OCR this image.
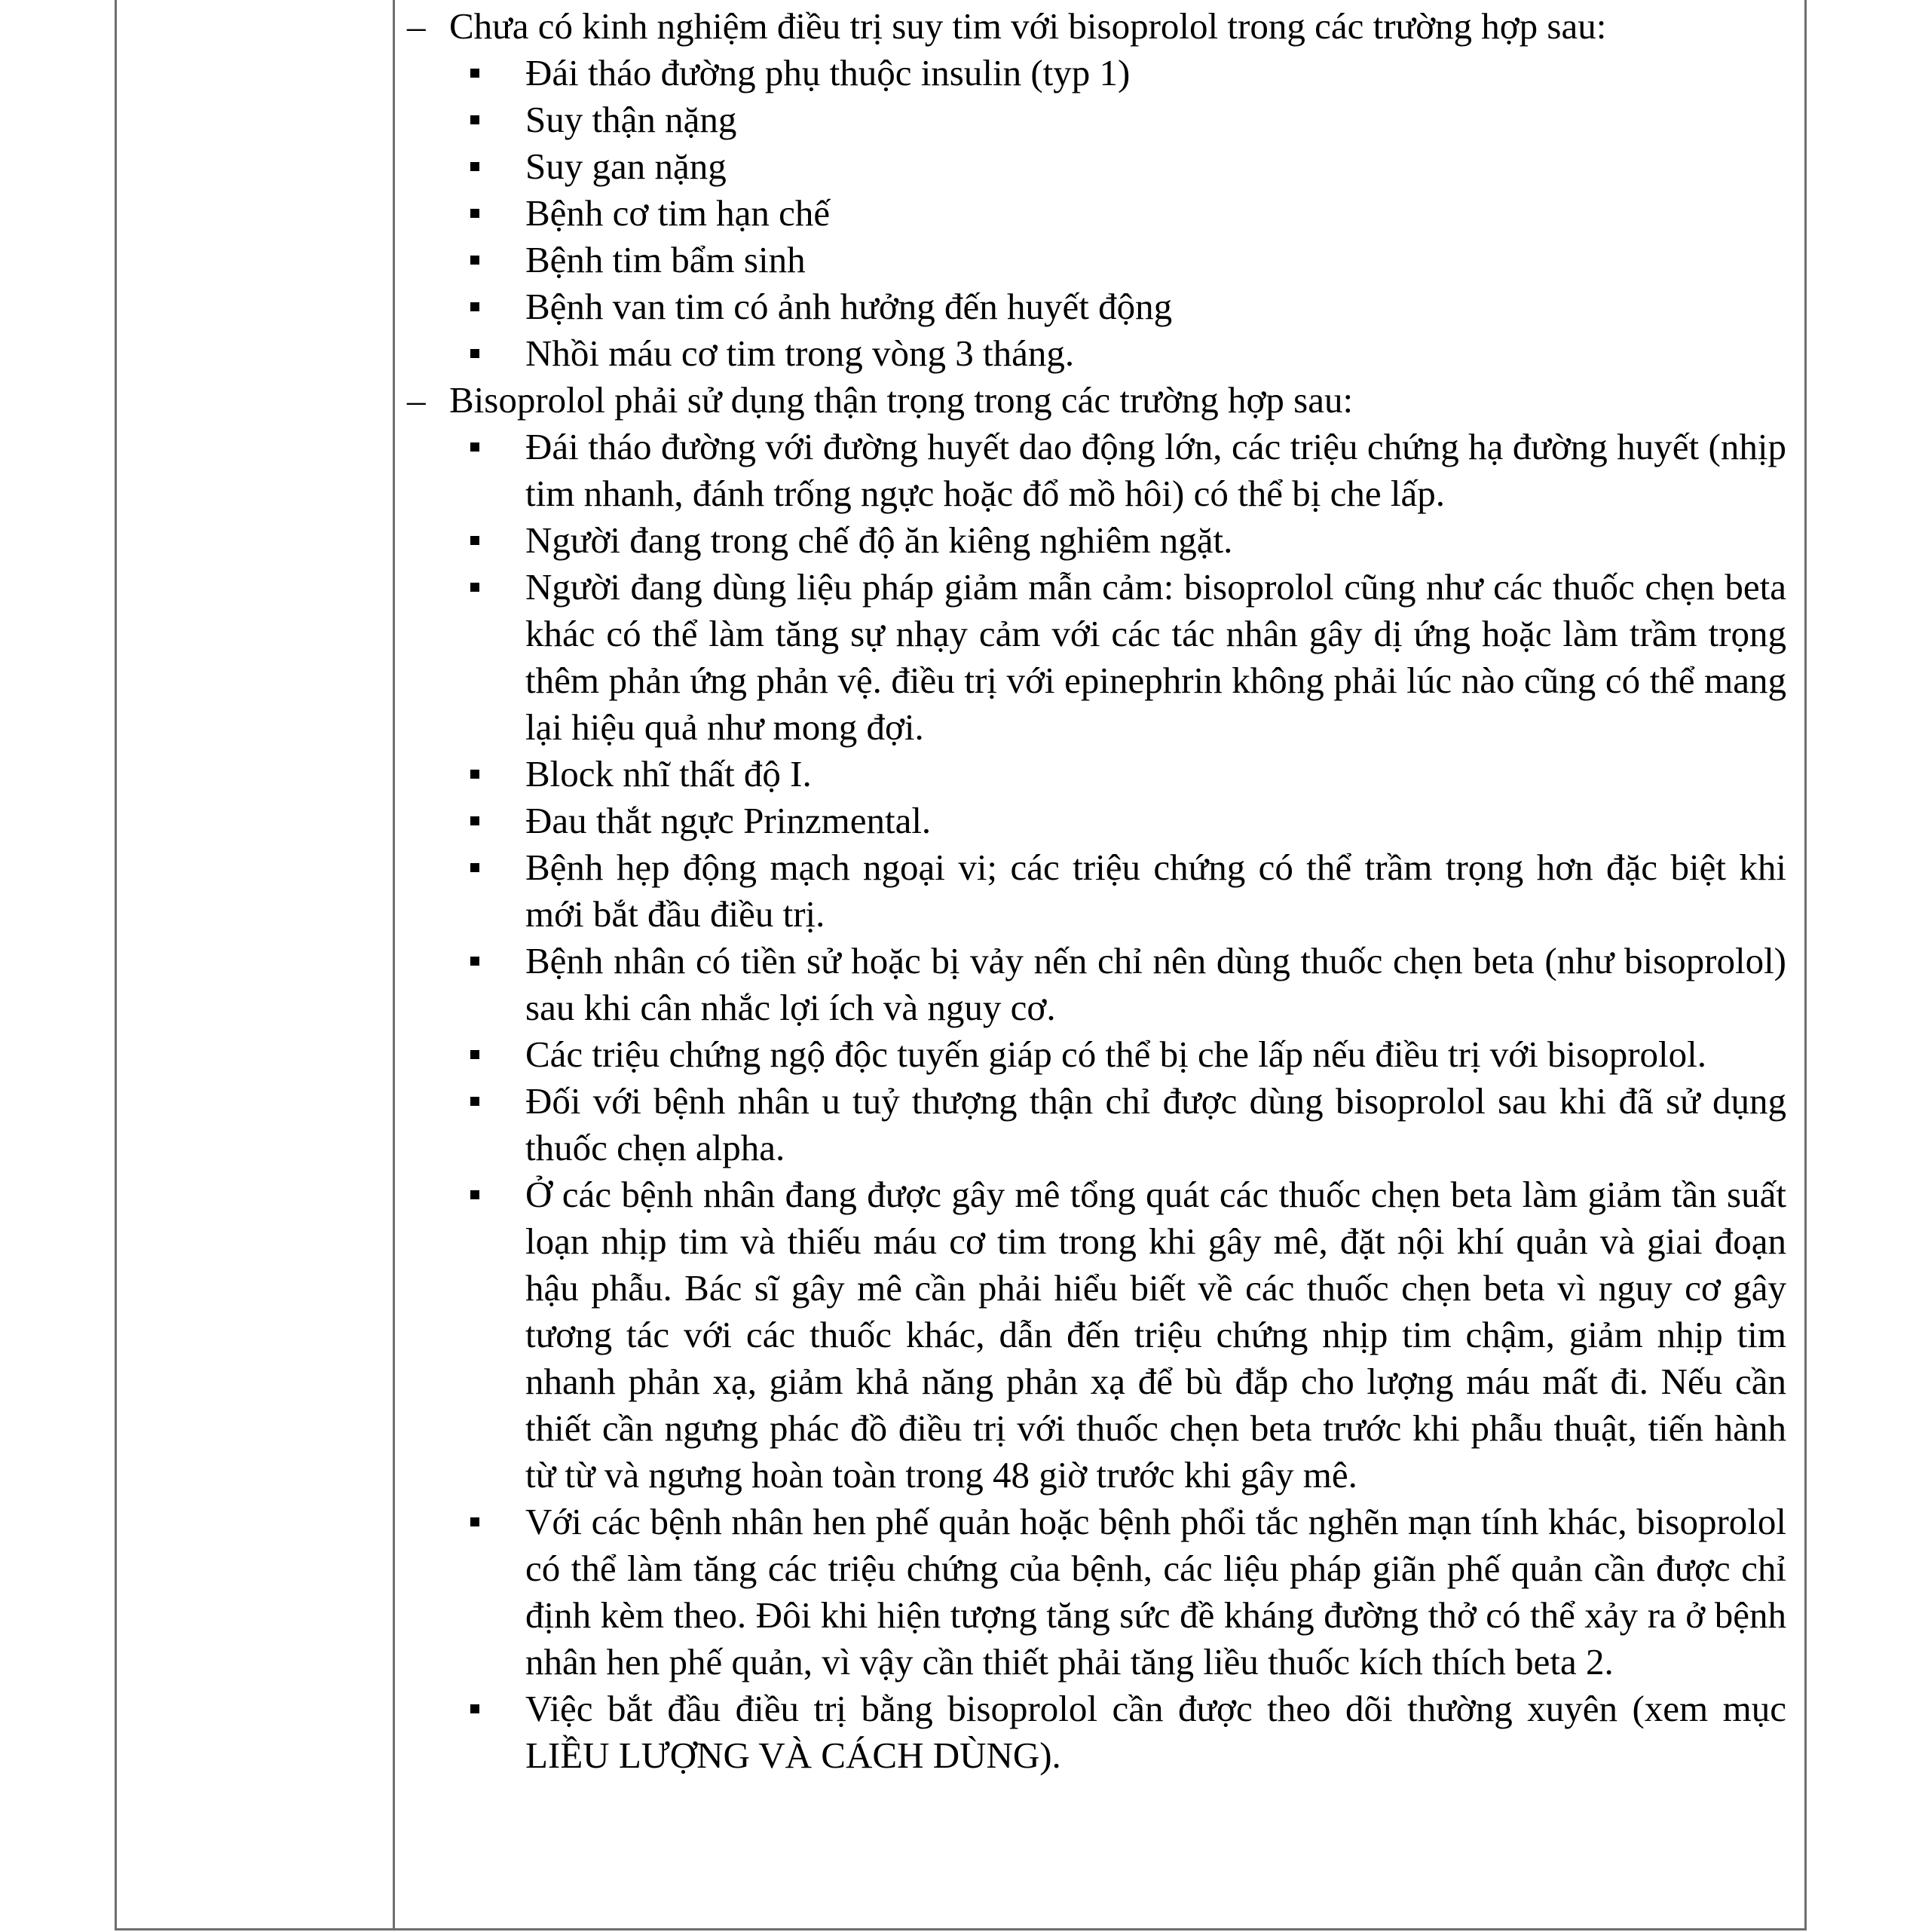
– Chưa có kinh nghiệm điều trị suy tim với bisoprolol trong các trường hợp sau:
Đái tháo đường phụ thuộc insulin (typ 1)
Suy thận nặng
Suy gan nặng
Bệnh cơ tim hạn chế
Bệnh tim bẩm sinh
Bệnh van tim có ảnh hưởng đến huyết động
Nhồi máu cơ tim trong vòng 3 tháng.
– Bisoprolol phải sử dụng thận trọng trong các trường hợp sau:
Đái tháo đường với đường huyết dao động lớn, các triệu chứng hạ đường huyết (nhịp tim nhanh, đánh trống ngực hoặc đổ mồ hôi) có thể bị che lấp.
Người đang trong chế độ ăn kiêng nghiêm ngặt.
Người đang dùng liệu pháp giảm mẫn cảm: bisoprolol cũng như các thuốc chẹn beta khác có thể làm tăng sự nhạy cảm với các tác nhân gây dị ứng hoặc làm trầm trọng thêm phản ứng phản vệ. điều trị với epinephrin không phải lúc nào cũng có thể mang lại hiệu quả như mong đợi.
Block nhĩ thất độ I.
Đau thắt ngực Prinzmental.
Bệnh hẹp động mạch ngoại vi; các triệu chứng có thể trầm trọng hơn đặc biệt khi mới bắt đầu điều trị.
Bệnh nhân có tiền sử hoặc bị vảy nến chỉ nên dùng thuốc chẹn beta (như bisoprolol) sau khi cân nhắc lợi ích và nguy cơ.
Các triệu chứng ngộ độc tuyến giáp có thể bị che lấp nếu điều trị với bisoprolol.
Đối với bệnh nhân u tuỷ thượng thận chỉ được dùng bisoprolol sau khi đã sử dụng thuốc chẹn alpha.
Ở các bệnh nhân đang được gây mê tổng quát các thuốc chẹn beta làm giảm tần suất loạn nhịp tim và thiếu máu cơ tim trong khi gây mê, đặt nội khí quản và giai đoạn hậu phẫu. Bác sĩ gây mê cần phải hiểu biết về các thuốc chẹn beta vì nguy cơ gây tương tác với các thuốc khác, dẫn đến triệu chứng nhịp tim chậm, giảm nhịp tim nhanh phản xạ, giảm khả năng phản xạ để bù đắp cho lượng máu mất đi. Nếu cần thiết cần ngưng phác đồ điều trị với thuốc chẹn beta trước khi phẫu thuật, tiến hành từ từ và ngưng hoàn toàn trong 48 giờ trước khi gây mê.
Với các bệnh nhân hen phế quản hoặc bệnh phổi tắc nghẽn mạn tính khác, bisoprolol có thể làm tăng các triệu chứng của bệnh, các liệu pháp giãn phế quản cần được chỉ định kèm theo. Đôi khi hiện tượng tăng sức đề kháng đường thở có thể xảy ra ở bệnh nhân hen phế quản, vì vậy cần thiết phải tăng liều thuốc kích thích beta 2.
Việc bắt đầu điều trị bằng bisoprolol cần được theo dõi thường xuyên (xem mục LIỀU LƯỢNG VÀ CÁCH DÙNG).
